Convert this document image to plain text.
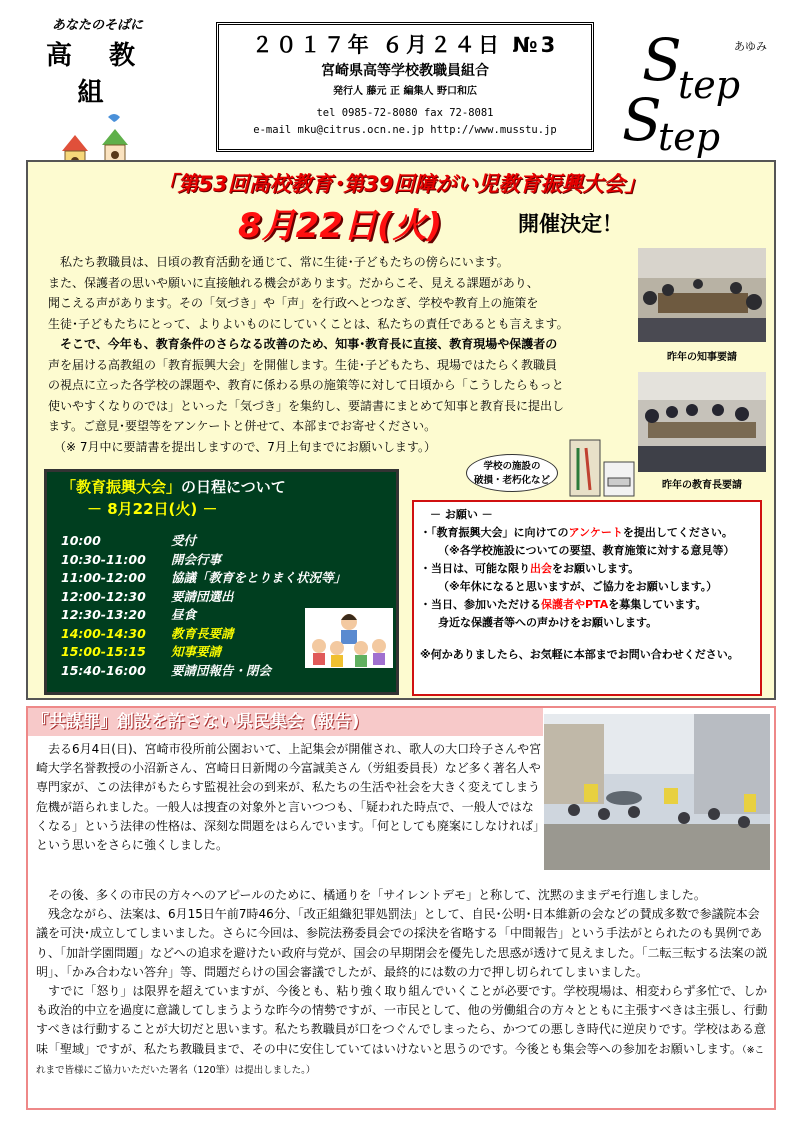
あなたのそばに
高 教 組
２０１７年 ６月２４日 №3
宮崎県高等学校教職員組合
発行人 藤元 正 編集人 野口和広
tel 0985-72-8080 fax 72-8081
e-mail mku@citrus.ocn.ne.jp http://www.musstu.jp
S
tep
S
tep
あゆみ
「第53回高校教育･第39回障がい児教育振興大会」
8月22日(火)	開催決定！

私たち教職員は、日頃の教育活動を通じて、常に生徒･子どもたちの傍らにいます。

また、保護者の思いや願いに直接触れる機会があります。だからこそ、見える課題があり、

聞こえる声があります。その「気づき」や「声」を行政へとつなぎ、学校や教育上の施策を

生徒･子どもたちにとって、よりよいものにしていくことは、私たちの責任であるとも言えます。

そこで、今年も、教育条件のさらなる改善のため、知事･教育長に直接、教育現場や保護者の

声を届ける高教組の「教育振興大会」を開催します。生徒･子どもたち、現場ではたらく教職員

の視点に立った各学校の課題や、教育に係わる県の施策等に対して日頃から「こうしたらもっと

使いやすくなりのでは」といった「気づき」を集約し、要請書にまとめて知事と教育長に提出し

ます。ご意見･要望等をアンケートと併せて、本部までお寄せください。

（※ 7月中に要請書を提出しますので、7月上旬までにお願いします。）

昨年の知事要請
昨年の教育長要請
学校の施設の
破損・老朽化など
「教育振興大会」の日程について
－ 8月22日(火) －
10:00	受付
10:30-11:00	開会行事
11:00-12:00	協議「教育をとりまく状況等」
12:00-12:30	要請団選出
12:30-13:20	昼食
14:00-14:30	教育長要請
15:00-15:15	知事要請
15:40-16:00	要請団報告・閉会
－ お願い －
・「教育振興大会」に向けてのアンケートを提出してください。
（※各学校施設についての要望、教育施策に対する意見等）
・当日は、可能な限り出会をお願いします。
（※年休になると思いますが、ご協力をお願いします。）
・当日、参加いただける保護者やPTAを募集しています。
身近な保護者等への声かけをお願いします。
※何かありましたら、お気軽に本部までお問い合わせください。
『共謀罪』創設を許さない県民集会 (報告)

去る6月4日(日)、宮崎市役所前公園おいて、上記集会が開催され、歌人の大口玲子さんや宮崎大学名誉教授の小沼新さん、宮崎日日新聞の今富誠美さん（労組委員長）など多く著名人や専門家が、この法律がもたらす監視社会の到来が、私たちの生活や社会を大きく変えてしまう危機が語られました。一般人は捜査の対象外と言いつつも、「疑われた時点で、一般人ではなくなる」という法律の性格は、深刻な問題をはらんでいます。「何としても廃案にしなければ」という思いをさらに強くしました。

その後、多くの市民の方々へのアピールのために、橘通りを「サイレントデモ」と称して、沈黙のままデモ行進しました。

残念ながら、法案は、6月15日午前7時46分、「改正組織犯罪処罰法」として、自民･公明･日本維新の会などの賛成多数で参議院本会議を可決･成立してしまいました。さらに今回は、参院法務委員会での採決を省略する「中間報告」という手法がとられたのも異例であり、「加計学園問題」などへの追求を避けたい政府与党が、国会の早期閉会を優先した思惑が透けて見えました。「二転三転する法案の説明」、「かみ合わない答弁」等、問題だらけの国会審議でしたが、最終的には数の力で押し切られてしまいました。

すでに「怒り」は限界を超えていますが、今後とも、粘り強く取り組んでいくことが必要です。学校現場は、相変わらず多忙で、しかも政治的中立を過度に意識してしまうような昨今の情勢ですが、一市民として、他の労働組合の方々とともに主張すべきは主張し、行動すべきは行動することが大切だと思います。私たち教職員が口をつぐんでしまったら、かつての悪しき時代に逆戻りです。学校はある意味「聖域」ですが、私たち教職員まで、その中に安住していてはいけないと思うのです。今後とも集会等への参加をお願いします。（※これまで皆様にご協力いただいた署名（120筆）は提出しました。）
